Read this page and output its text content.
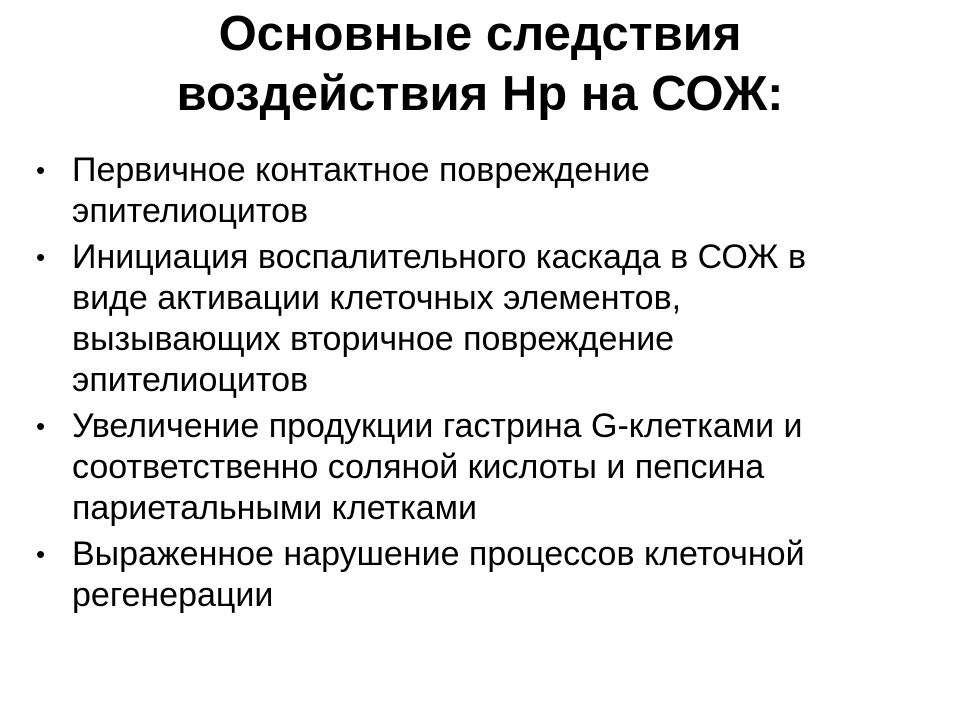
Основные следствия
воздействия Hp на СОЖ:
• Первичное контактное повреждение
эпителиоцитов
• Инициация воспалительного каскада в СОЖ в
виде активации клеточных элементов,
вызывающих вторичное повреждение
эпителиоцитов
• Увеличение продукции гастрина G-клетками и
соответственно соляной кислоты и пепсина
париетальными клетками
• Выраженное нарушение процессов клеточной
регенерации
